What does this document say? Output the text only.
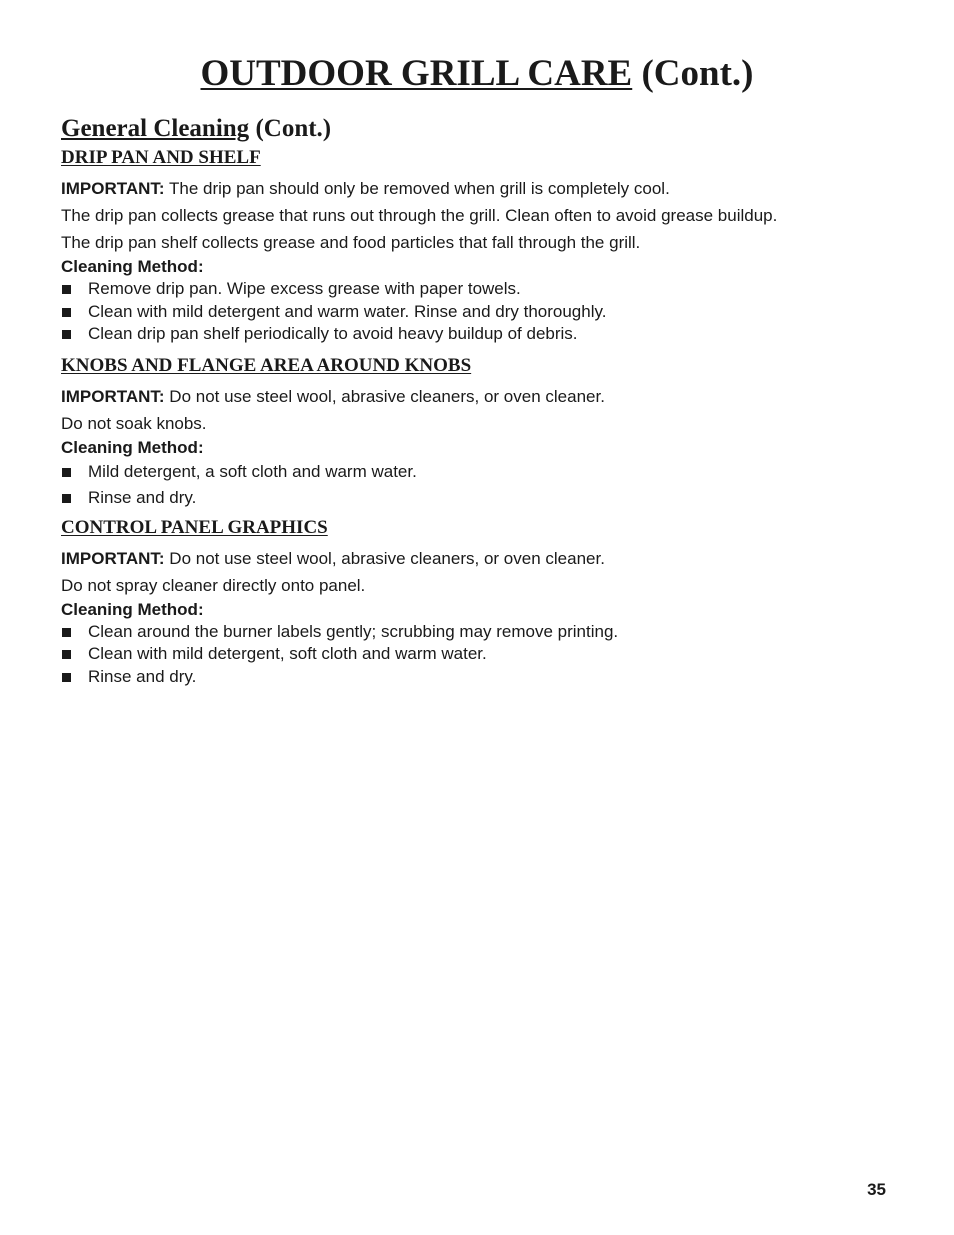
OUTDOOR GRILL CARE (Cont.)
General Cleaning (Cont.)
DRIP PAN AND SHELF

IMPORTANT: The drip pan should only be removed when grill is completely cool.

The drip pan collects grease that runs out through the grill. Clean often to avoid grease buildup.

The drip pan shelf collects grease and food particles that fall through the grill.

Cleaning Method:

Remove drip pan. Wipe excess grease with paper towels.
Clean with mild detergent and warm water. Rinse and dry thoroughly.
Clean drip pan shelf periodically to avoid heavy buildup of debris.
KNOBS AND FLANGE AREA AROUND KNOBS

IMPORTANT: Do not use steel wool, abrasive cleaners, or oven cleaner.

Do not soak knobs.

Cleaning Method:

Mild detergent, a soft cloth and warm water.
Rinse and dry.
CONTROL PANEL GRAPHICS

IMPORTANT: Do not use steel wool, abrasive cleaners, or oven cleaner.

Do not spray cleaner directly onto panel.

Cleaning Method:

Clean around the burner labels gently; scrubbing may remove printing.
Clean with mild detergent, soft cloth and warm water.
Rinse and dry.
35
